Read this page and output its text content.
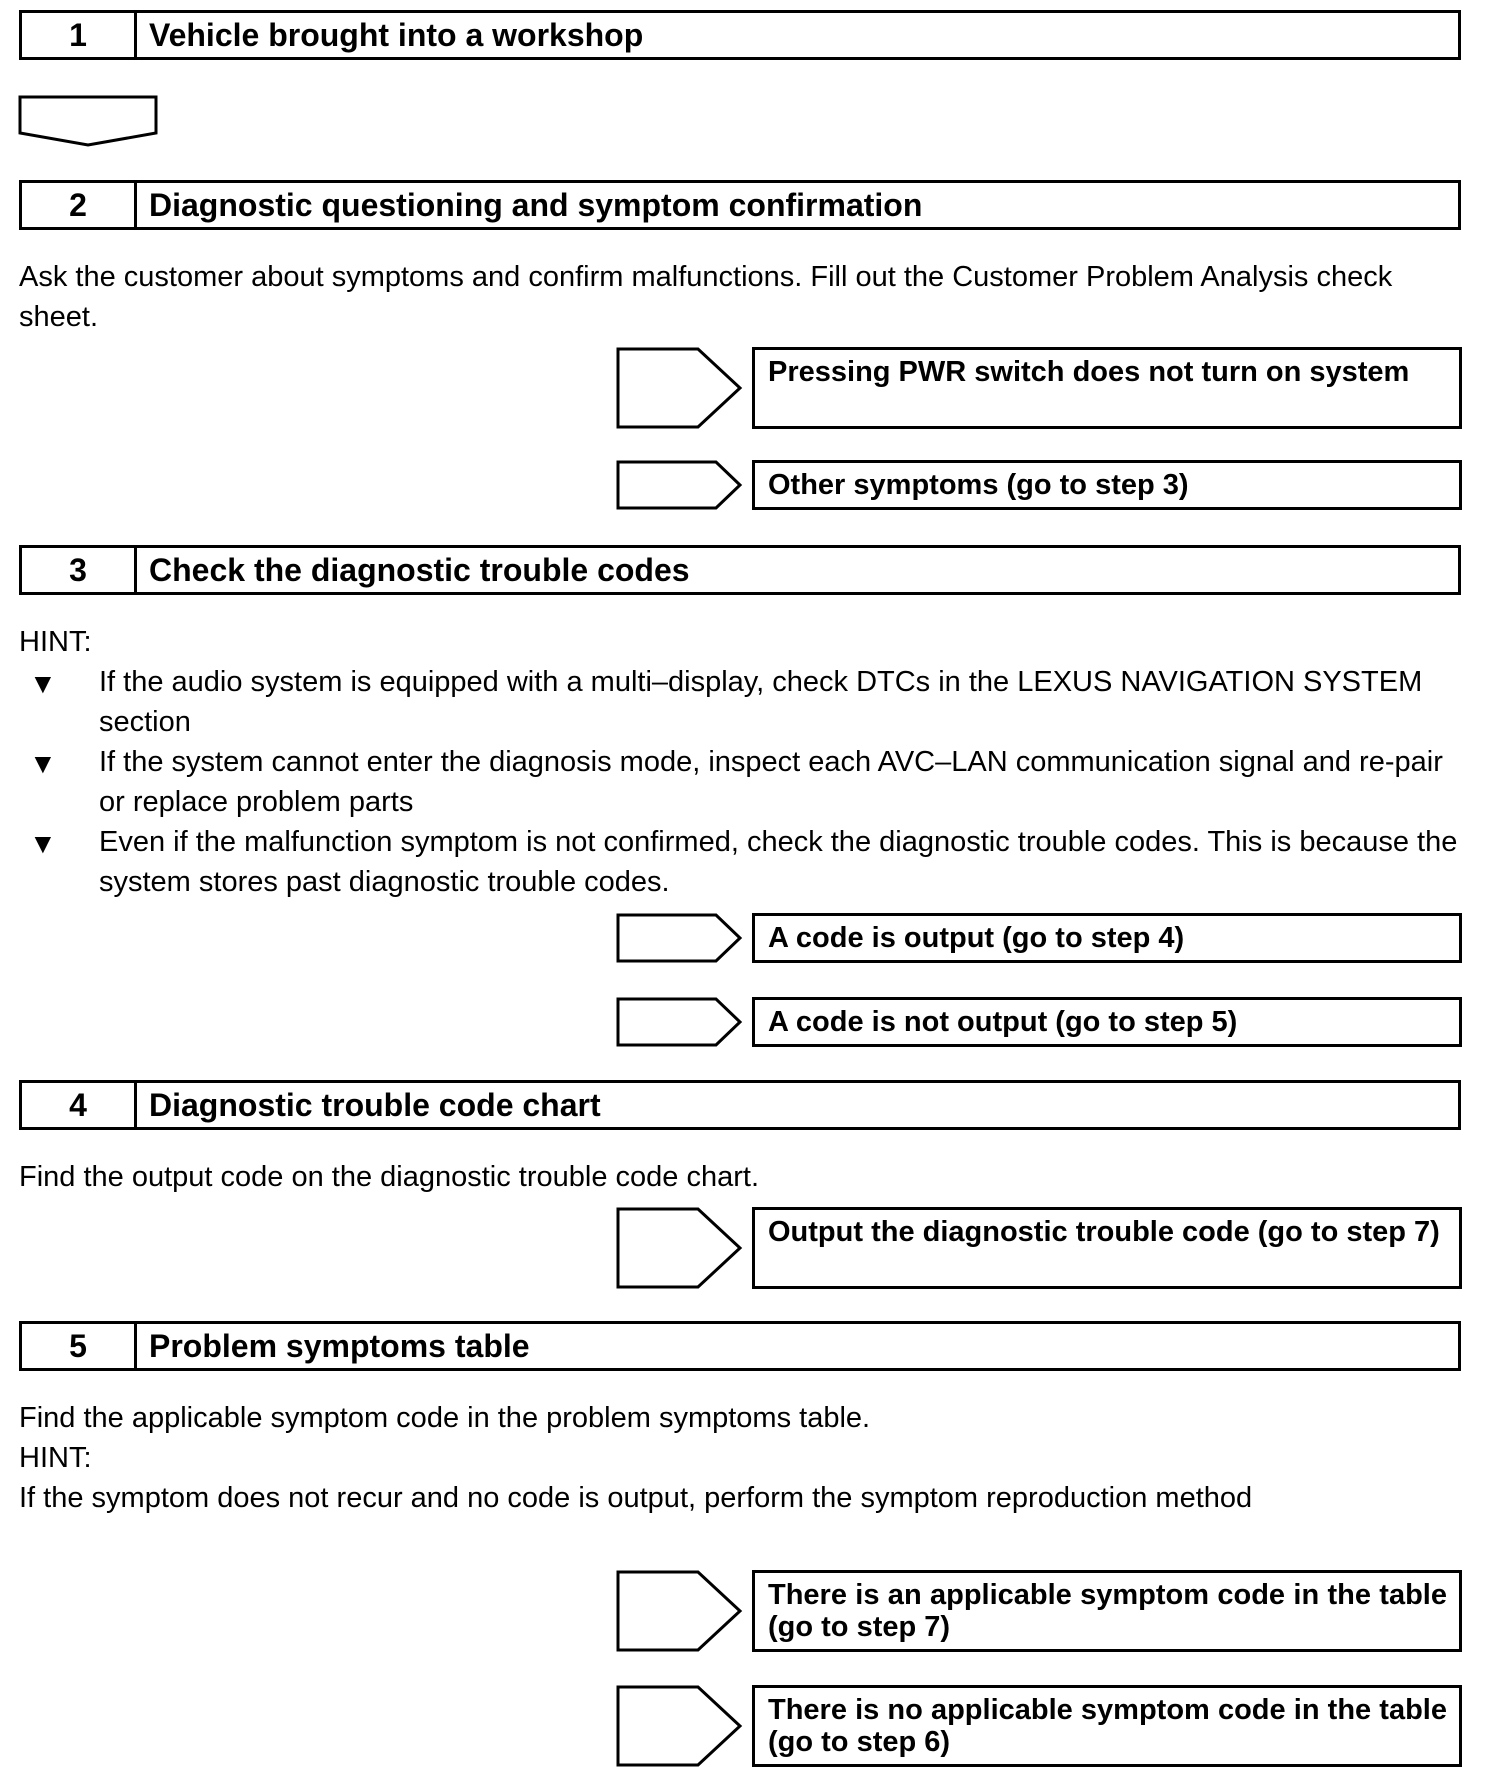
1	Vehicle brought into a workshop
2	Diagnostic questioning and symptom confirmation
Ask the customer about symptoms and confirm malfunctions. Fill out the Customer Problem Analysis check sheet.
Pressing PWR switch does not turn on system
Other symptoms (go to step 3)
3	Check the diagnostic trouble codes
HINT:
▼	If the audio system is equipped with a multi–display, check DTCs in the LEXUS NAVIGATION SYSTEM section
▼	If the system cannot enter the diagnosis mode, inspect each AVC–LAN communication signal and re-pair or replace problem parts
▼	Even if the malfunction symptom is not confirmed, check the diagnostic trouble codes. This is because the system stores past diagnostic trouble codes.
A code is output (go to step 4)
A code is not output (go to step 5)
4	Diagnostic trouble code chart
Find the output code on the diagnostic trouble code chart.
Output the diagnostic trouble code (go to step 7)
5	Problem symptoms table
Find the applicable symptom code in the problem symptoms table.
HINT:
If the symptom does not recur and no code is output, perform the symptom reproduction method
There is an applicable symptom code in the table (go to step 7)
There is no applicable symptom code in the table (go to step 6)
